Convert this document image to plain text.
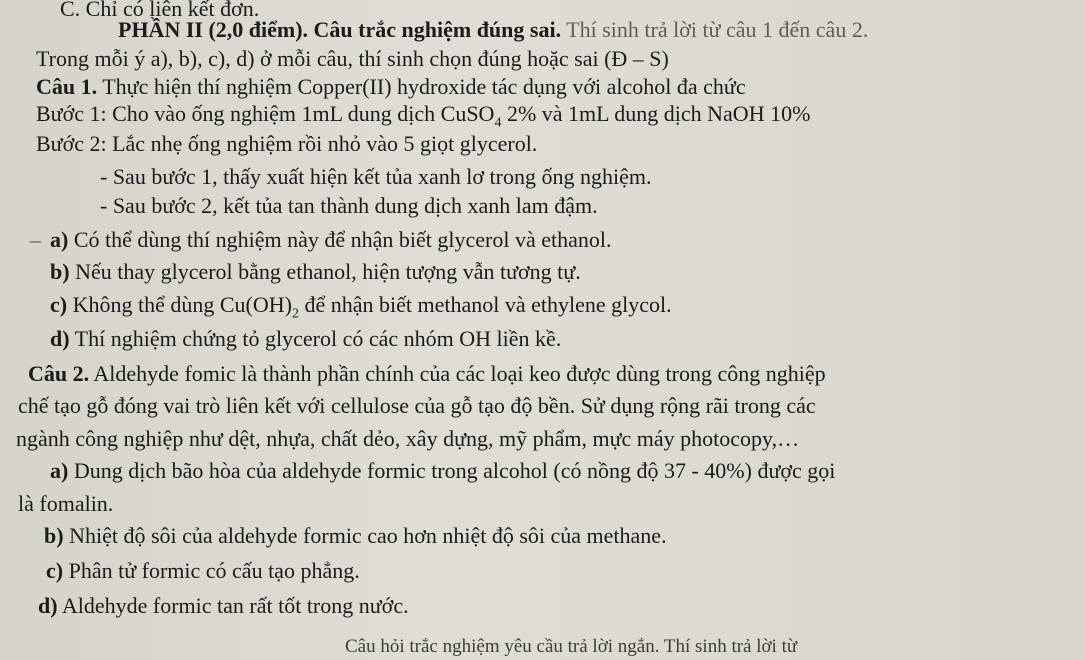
C. Chỉ có liên kết đơn.
PHẦN II (2,0 điểm). Câu trắc nghiệm đúng sai. Thí sinh trả lời từ câu 1 đến câu 2.
Trong mỗi ý a), b), c), d) ở mỗi câu, thí sinh chọn đúng hoặc sai (Đ – S)
Câu 1. Thực hiện thí nghiệm Copper(II) hydroxide tác dụng với alcohol đa chức
Bước 1: Cho vào ống nghiệm 1mL dung dịch CuSO$_4$ 2% và 1mL dung dịch NaOH 10%
Bước 2: Lắc nhẹ ống nghiệm rồi nhỏ vào 5 giọt glycerol.
- Sau bước 1, thấy xuất hiện kết tủa xanh lơ trong ống nghiệm.
- Sau bước 2, kết tủa tan thành dung dịch xanh lam đậm.
– a) Có thể dùng thí nghiệm này để nhận biết glycerol và ethanol.
b) Nếu thay glycerol bằng ethanol, hiện tượng vẫn tương tự.
c) Không thể dùng $Cu(OH)_2$ để nhận biết methanol và ethylene glycol.
d) Thí nghiệm chứng tỏ glycerol có các nhóm OH liền kề.
Câu 2. Aldehyde fomic là thành phần chính của các loại keo được dùng trong công nghiệp
chế tạo gỗ đóng vai trò liên kết với cellulose của gỗ tạo độ bền. Sử dụng rộng rãi trong các
ngành công nghiệp như dệt, nhựa, chất dẻo, xây dựng, mỹ phẩm, mực máy photocopy,…
a) Dung dịch bão hòa của aldehyde formic trong alcohol (có nồng độ 37 - 40%) được gọi
là fomalin.
b) Nhiệt độ sôi của aldehyde formic cao hơn nhiệt độ sôi của methane.
c) Phân tử formic có cấu tạo phẳng.
d) Aldehyde formic tan rất tốt trong nước.
Câu hỏi trắc nghiệm yêu cầu trả lời ngắn. Thí sinh trả lời từ
